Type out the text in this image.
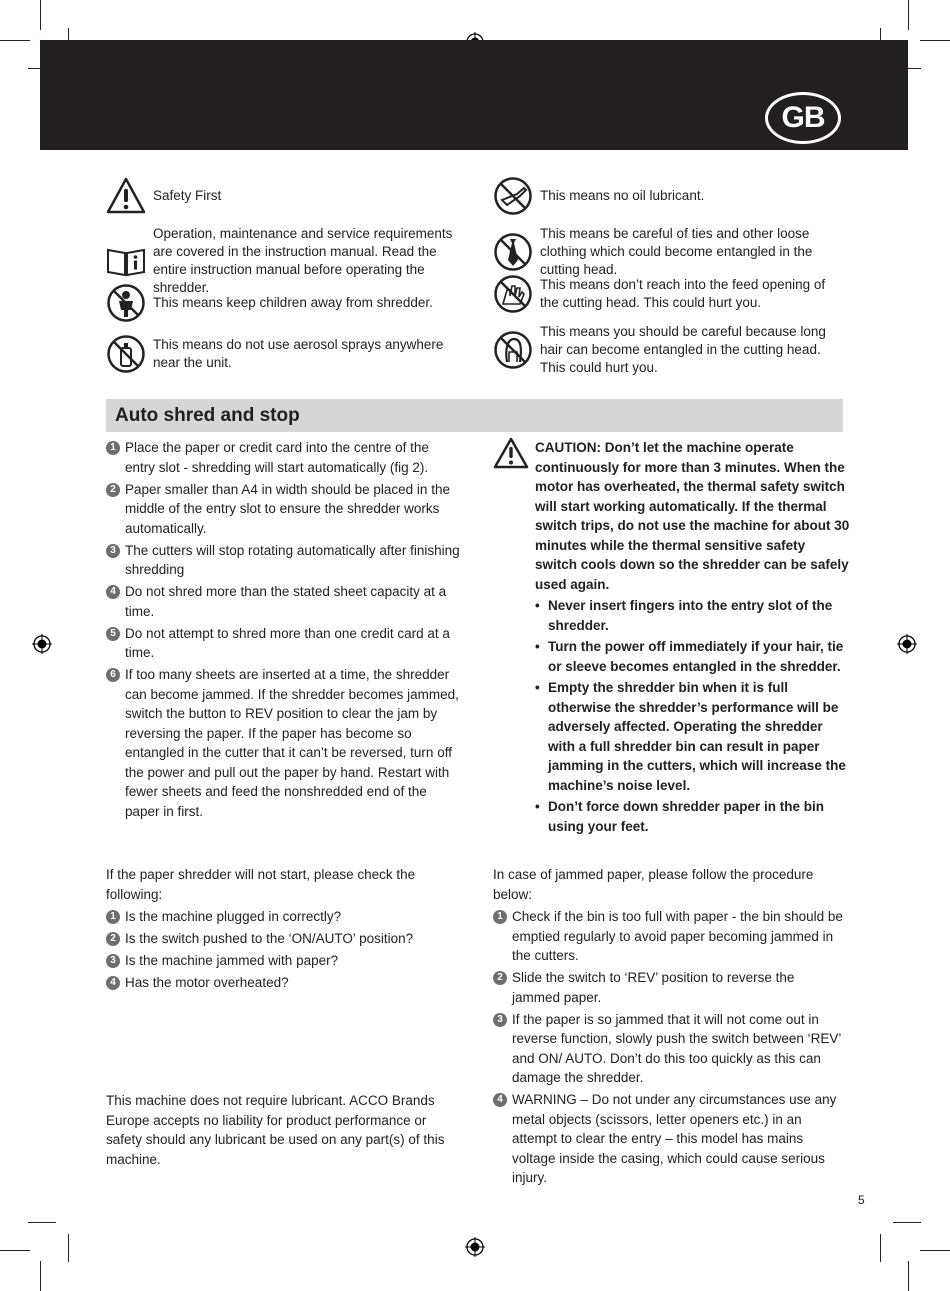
GB
Safety First
Operation, maintenance and service requirements are covered in the instruction manual. Read the entire instruction manual before operating the shredder.
This means keep children away from shredder.
This means do not use aerosol sprays anywhere near the unit.
This means no oil lubricant.
This means be careful of ties and other loose clothing which could become entangled in the cutting head.
This means don’t reach into the feed opening of the cutting head. This could hurt you.
This means you should be careful because long hair can become entangled in the cutting head. This could hurt you.
Auto shred and stop
1 Place the paper or credit card into the centre of the entry slot - shredding will start automatically (fig 2).
2 Paper smaller than A4 in width should be placed in the middle of the entry slot to ensure the shredder works automatically.
3 The cutters will stop rotating automatically after finishing shredding
4 Do not shred more than the stated sheet capacity at a time.
5 Do not attempt to shred more than one credit card at a time.
6 If too many sheets are inserted at a time, the shredder can become jammed. If the shredder becomes jammed, switch the button to REV position to clear the jam by reversing the paper. If the paper has become so entangled in the cutter that it can’t be reversed, turn off the power and pull out the paper by hand. Restart with fewer sheets and feed the nonshredded end of the paper in first.
CAUTION: Don’t let the machine operate continuously for more than 3 minutes. When the motor has overheated, the thermal safety switch will start working automatically. If the thermal switch trips, do not use the machine for about 30 minutes while the thermal sensitive safety switch cools down so the shredder can be safely used again.
• Never insert fingers into the entry slot of the shredder.
• Turn the power off immediately if your hair, tie or sleeve becomes entangled in the shredder.
• Empty the shredder bin when it is full otherwise the shredder’s performance will be adversely affected. Operating the shredder with a full shredder bin can result in paper jamming in the cutters, which will increase the machine’s noise level.
• Don’t force down shredder paper in the bin using your feet.
If the paper shredder will not start, please check the following:
1 Is the machine plugged in correctly?
2 Is the switch pushed to the ‘ON/AUTO’ position?
3 Is the machine jammed with paper?
4 Has the motor overheated?
In case of jammed paper, please follow the procedure below:
1 Check if the bin is too full with paper - the bin should be emptied regularly to avoid paper becoming jammed in the cutters.
2 Slide the switch to ‘REV’ position to reverse the jammed paper.
3 If the paper is so jammed that it will not come out in reverse function, slowly push the switch between ‘REV’ and ON/ AUTO. Don’t do this too quickly as this can damage the shredder.
4 WARNING – Do not under any circumstances use any metal objects (scissors, letter openers etc.) in an attempt to clear the entry – this model has mains voltage inside the casing, which could cause serious injury.
This machine does not require lubricant. ACCO Brands Europe accepts no liability for product performance or safety should any lubricant be used on any part(s) of this machine.
5
